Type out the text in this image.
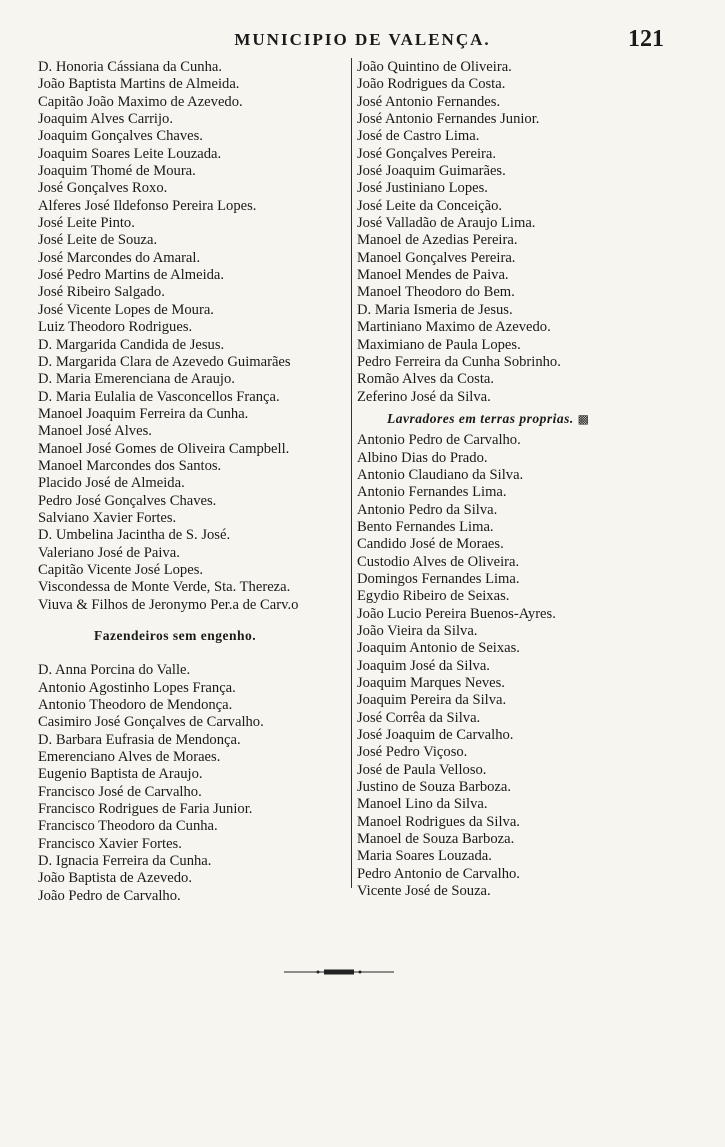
MUNICIPIO DE VALENÇA.	121
D. Honoria Cássiana da Cunha.
João Baptista Martins de Almeida.
Capitão João Maximo de Azevedo.
Joaquim Alves Carrijo.
Joaquim Gonçalves Chaves.
Joaquim Soares Leite Louzada.
Joaquim Thomé de Moura.
José Gonçalves Roxo.
Alferes José Ildefonso Pereira Lopes.
José Leite Pinto.
José Leite de Souza.
José Marcondes do Amaral.
José Pedro Martins de Almeida.
José Ribeiro Salgado.
José Vicente Lopes de Moura.
Luiz Theodoro Rodrigues.
D. Margarida Candida de Jesus.
D. Margarida Clara de Azevedo Guimarães
D. Maria Emerenciana de Araujo.
D. Maria Eulalia de Vasconcellos França.
Manoel Joaquim Ferreira da Cunha.
Manoel José Alves.
Manoel José Gomes de Oliveira Campbell.
Manoel Marcondes dos Santos.
Placido José de Almeida.
Pedro José Gonçalves Chaves.
Salviano Xavier Fortes.
D. Umbelina Jacintha de S. José.
Valeriano José de Paiva.
Capitão Vicente José Lopes.
Viscondessa de Monte Verde, Sta. Thereza.
Viuva & Filhos de Jeronymo Per.a de Carv.o
Fazendeiros sem engenho.
D. Anna Porcina do Valle.
Antonio Agostinho Lopes França.
Antonio Theodoro de Mendonça.
Casimiro José Gonçalves de Carvalho.
D. Barbara Eufrasia de Mendonça.
Emerenciano Alves de Moraes.
Eugenio Baptista de Araujo.
Francisco José de Carvalho.
Francisco Rodrigues de Faria Junior.
Francisco Theodoro da Cunha.
Francisco Xavier Fortes.
D. Ignacia Ferreira da Cunha.
João Baptista de Azevedo.
João Pedro de Carvalho.
João Quintino de Oliveira.
João Rodrigues da Costa.
José Antonio Fernandes.
José Antonio Fernandes Junior.
José de Castro Lima.
José Gonçalves Pereira.
José Joaquim Guimarães.
José Justiniano Lopes.
José Leite da Conceição.
José Valladão de Araujo Lima.
Manoel de Azedias Pereira.
Manoel Gonçalves Pereira.
Manoel Mendes de Paiva.
Manoel Theodoro do Bem.
D. Maria Ismeria de Jesus.
Martiniano Maximo de Azevedo.
Maximiano de Paula Lopes.
Pedro Ferreira da Cunha Sobrinho.
Romão Alves da Costa.
Zeferino José da Silva.
Lavradores em terras proprias. ▩
Antonio Pedro de Carvalho.
Albino Dias do Prado.
Antonio Claudiano da Silva.
Antonio Fernandes Lima.
Antonio Pedro da Silva.
Bento Fernandes Lima.
Candido José de Moraes.
Custodio Alves de Oliveira.
Domingos Fernandes Lima.
Egydio Ribeiro de Seixas.
João Lucio Pereira Buenos-Ayres.
João Vieira da Silva.
Joaquim Antonio de Seixas.
Joaquim José da Silva.
Joaquim Marques Neves.
Joaquim Pereira da Silva.
José Corrêa da Silva.
José Joaquim de Carvalho.
José Pedro Viçoso.
José de Paula Velloso.
Justino de Souza Barboza.
Manoel Lino da Silva.
Manoel Rodrigues da Silva.
Manoel de Souza Barboza.
Maria Soares Louzada.
Pedro Antonio de Carvalho.
Vicente José de Souza.
